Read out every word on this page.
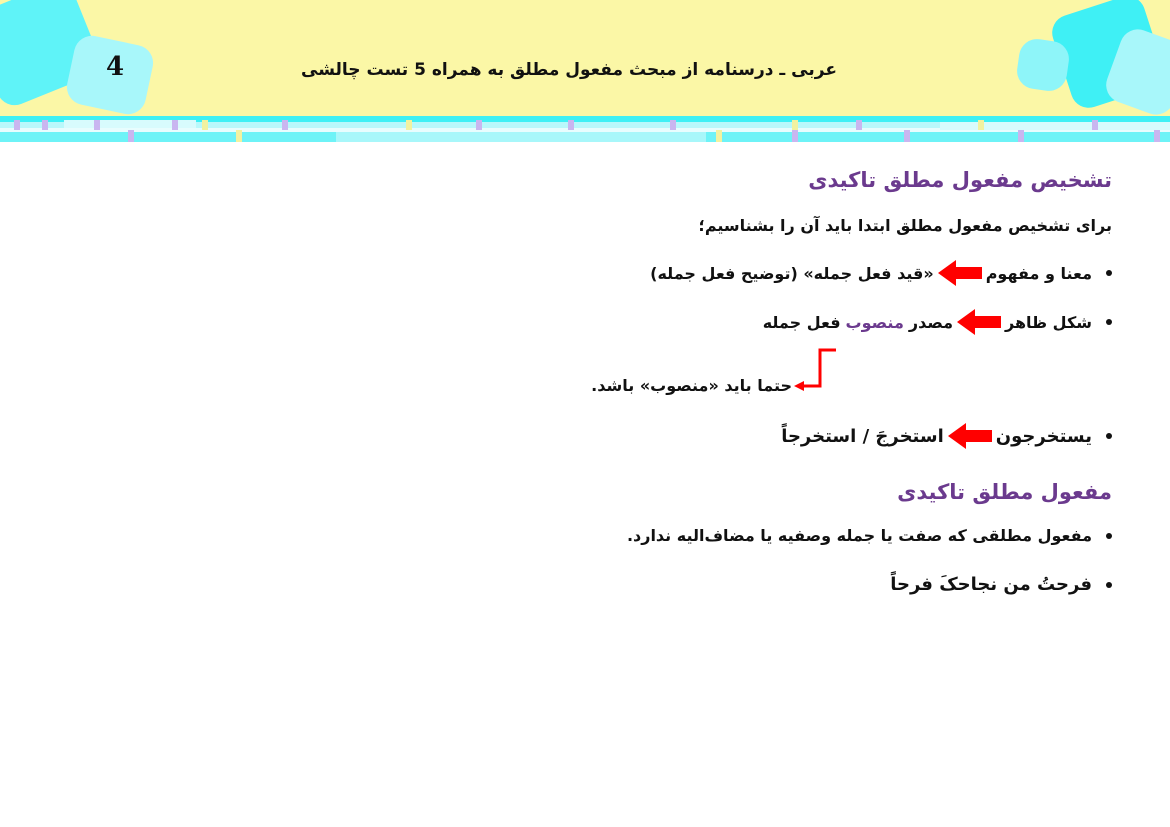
4	عربی ـ درسنامه از مبحث مفعول مطلق به همراه 5 تست چالشی
تشخیص مفعول مطلق تاکیدی
برای تشخیص مفعول مطلق ابتدا باید آن را بشناسیم؛
معنا و مفهوم
«قید فعل جمله» (توضیح فعل جمله)
شکل ظاهر
مصدر
منصوب
فعل جمله
حتما باید «منصوب» باشد.
یستخرجون
استخرجَ / استخرجاً
مفعول مطلق تاکیدی
مفعول مطلقی که صفت یا جمله وصفیه یا مضاف‌الیه ندارد.
فرحتُ من نجاحکَ فرحاً
